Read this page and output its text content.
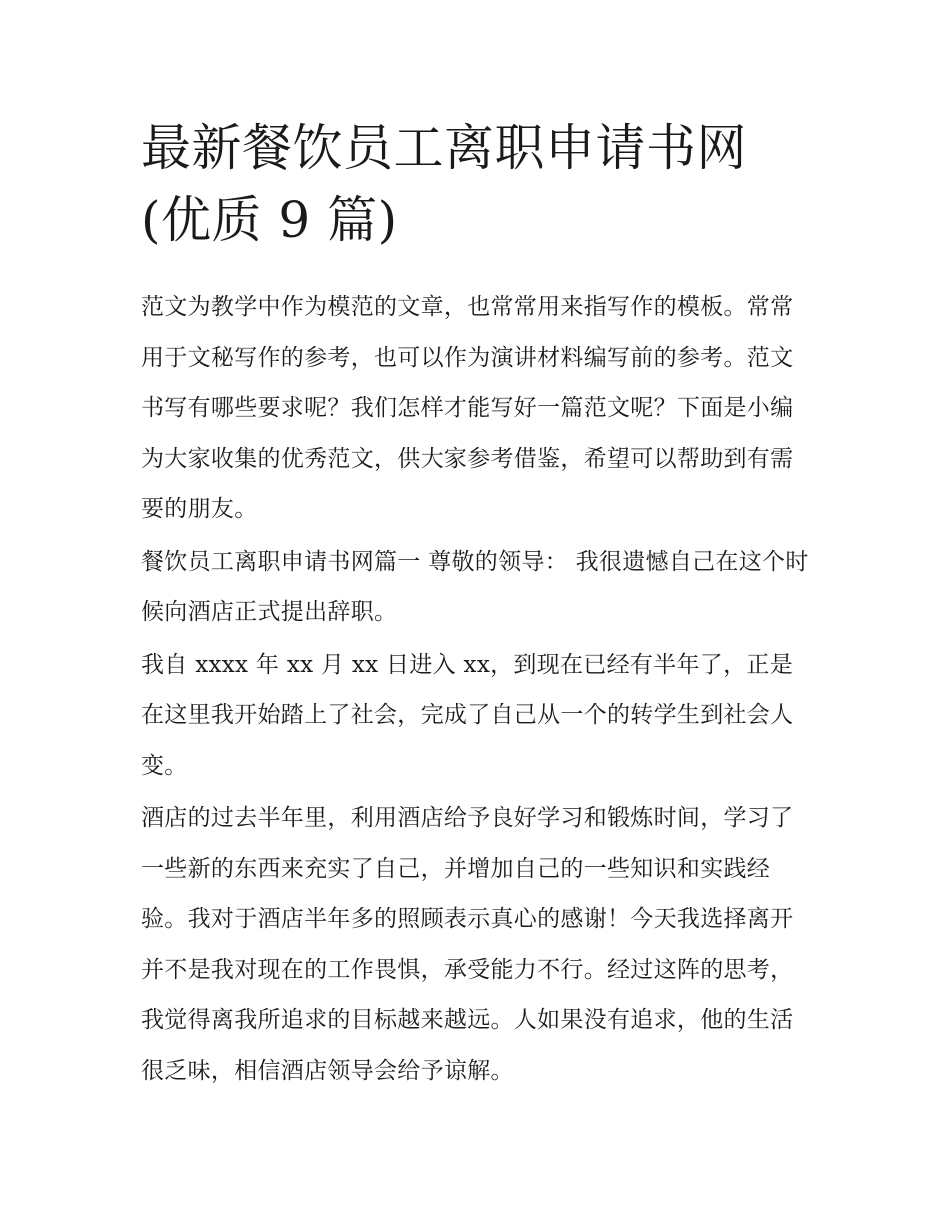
最新餐饮员工离职申请书网(优质 9 篇)

范文为教学中作为模范的文章，也常常用来指写作的模板。常常用于文秘写作的参考，也可以作为演讲材料编写前的参考。范文书写有哪些要求呢？我们怎样才能写好一篇范文呢？下面是小编为大家收集的优秀范文，供大家参考借鉴，希望可以帮助到有需要的朋友。

餐饮员工离职申请书网篇一 尊敬的领导： 我很遗憾自己在这个时候向酒店正式提出辞职。

我自 xxxx 年 xx 月 xx 日进入 xx，到现在已经有半年了，正是在这里我开始踏上了社会，完成了自己从一个的转学生到社会人变。

酒店的过去半年里，利用酒店给予良好学习和锻炼时间，学习了一些新的东西来充实了自己，并增加自己的一些知识和实践经验。我对于酒店半年多的照顾表示真心的感谢！今天我选择离开并不是我对现在的工作畏惧，承受能力不行。经过这阵的思考，我觉得离我所追求的目标越来越远。人如果没有追求，他的生活很乏味，相信酒店领导会给予谅解。
